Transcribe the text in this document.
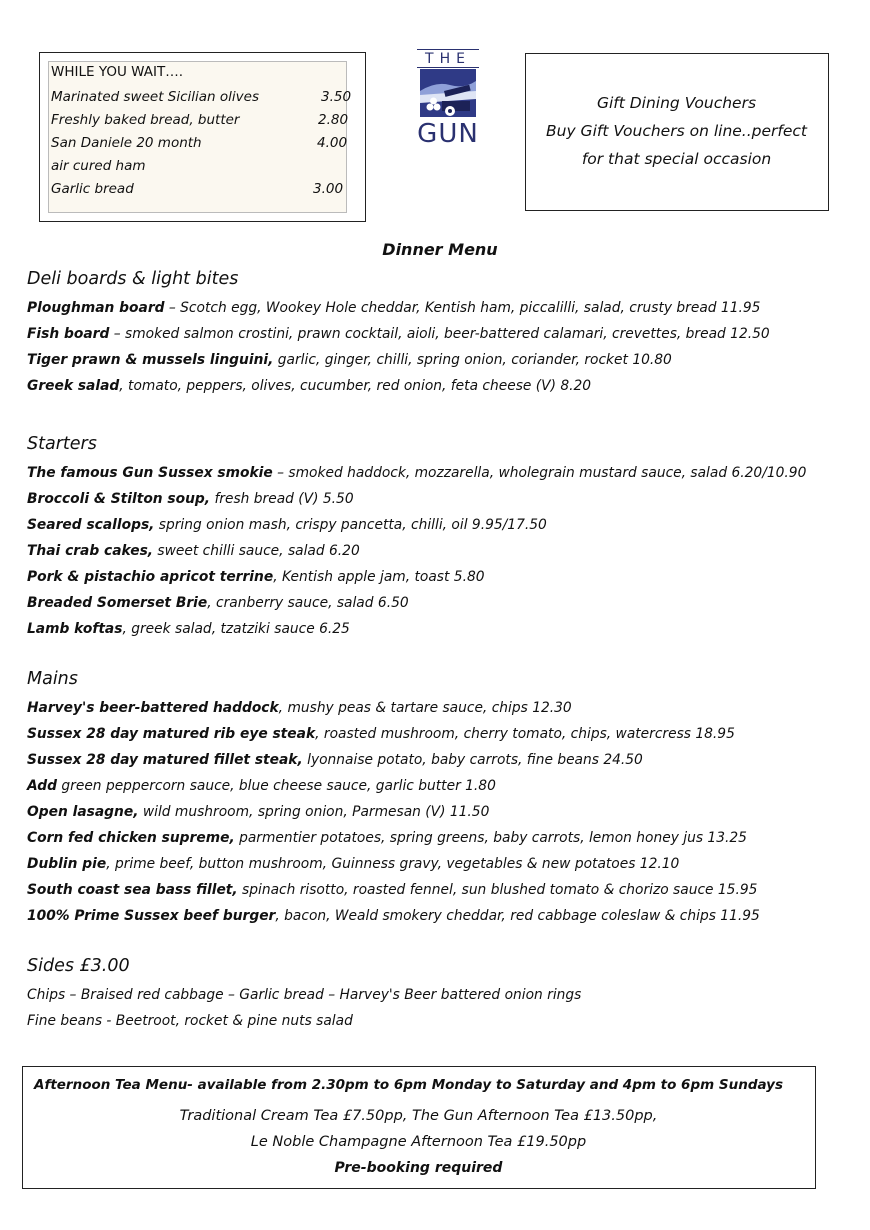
WHILE YOU WAIT….
Marinated sweet Sicilian olives	3.50
Freshly baked bread, butter	2.80
San Daniele 20 month	4.00
air cured ham
Garlic bread	3.00
THE
GUN
Gift Dining Vouchers
Buy Gift Vouchers on line..perfect
for that special occasion
Dinner Menu
Deli boards & light bites
Ploughman board – Scotch egg, Wookey Hole cheddar, Kentish ham, piccalilli, salad, crusty bread 11.95
Fish board – smoked salmon crostini, prawn cocktail, aioli, beer-battered calamari, crevettes, bread 12.50
Tiger prawn & mussels linguini, garlic, ginger, chilli, spring onion, coriander, rocket 10.80
Greek salad, tomato, peppers, olives, cucumber, red onion, feta cheese (V) 8.20
Starters
The famous Gun Sussex smokie – smoked haddock, mozzarella, wholegrain mustard sauce, salad 6.20/10.90
Broccoli & Stilton soup, fresh bread (V) 5.50
Seared scallops, spring onion mash, crispy pancetta, chilli, oil 9.95/17.50
Thai crab cakes, sweet chilli sauce, salad 6.20
Pork & pistachio apricot terrine, Kentish apple jam, toast 5.80
Breaded Somerset Brie, cranberry sauce, salad 6.50
Lamb koftas, greek salad, tzatziki sauce 6.25
Mains
Harvey's beer-battered haddock, mushy peas & tartare sauce, chips 12.30
Sussex 28 day matured rib eye steak, roasted mushroom, cherry tomato, chips, watercress 18.95
Sussex 28 day matured fillet steak, lyonnaise potato, baby carrots, fine beans 24.50
Add green peppercorn sauce, blue cheese sauce, garlic butter 1.80
Open lasagne, wild mushroom, spring onion, Parmesan (V) 11.50
Corn fed chicken supreme, parmentier potatoes, spring greens, baby carrots, lemon honey jus 13.25
Dublin pie, prime beef, button mushroom, Guinness gravy, vegetables & new potatoes 12.10
South coast sea bass fillet, spinach risotto, roasted fennel, sun blushed tomato & chorizo sauce 15.95
100% Prime Sussex beef burger, bacon, Weald smokery cheddar, red cabbage coleslaw & chips 11.95
Sides £3.00
Chips – Braised red cabbage – Garlic bread – Harvey's Beer battered onion rings
Fine beans - Beetroot, rocket & pine nuts salad
Afternoon Tea Menu- available from 2.30pm to 6pm Monday to Saturday and 4pm to 6pm Sundays
Traditional Cream Tea £7.50pp, The Gun Afternoon Tea £13.50pp,
Le Noble Champagne Afternoon Tea £19.50pp
Pre-booking required
